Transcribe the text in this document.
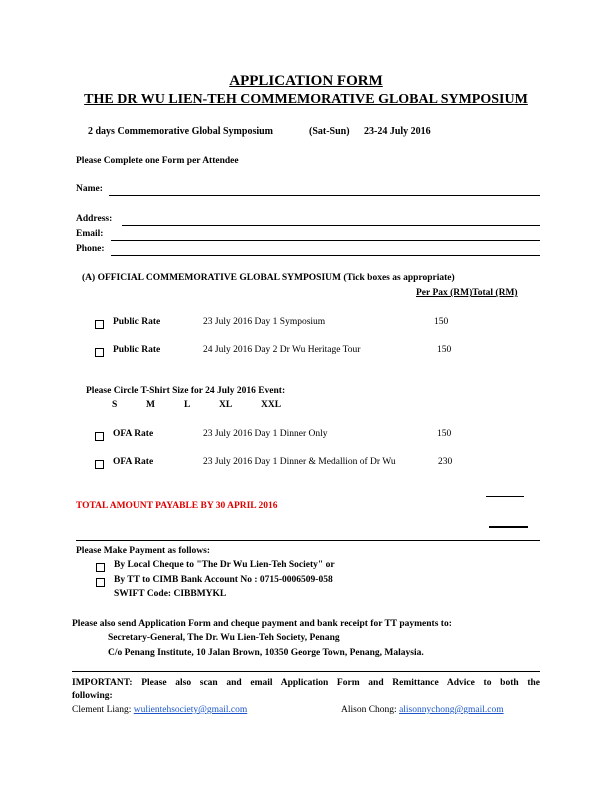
APPLICATION FORM
THE DR WU LIEN-TEH COMMEMORATIVE GLOBAL SYMPOSIUM
2 days Commemorative Global Symposium	(Sat-Sun) 23-24 July 2016
Please Complete one Form per Attendee
Name:
Address:
Email:
Phone:
(A) OFFICIAL COMMEMORATIVE GLOBAL SYMPOSIUM (Tick boxes as appropriate)
Per Pax (RM)Total (RM)
Public Rate	23 July 2016 Day 1 Symposium	150
Public Rate	24 July 2016 Day 2 Dr Wu Heritage Tour	150
Please Circle T-Shirt Size for 24 July 2016 Event:
S	M	L	XL	XXL
OFA Rate	23 July 2016 Day 1 Dinner Only	150
OFA Rate	23 July 2016 Day 1 Dinner & Medallion of Dr Wu	230
TOTAL AMOUNT PAYABLE BY 30 APRIL 2016
Please Make Payment as follows:
By Local Cheque to "The Dr Wu Lien-Teh Society" or
By TT to CIMB Bank Account No : 0715-0006509-058
SWIFT Code: CIBBMYKL
Please also send Application Form and cheque payment and bank receipt for TT payments to:
Secretary-General, The Dr. Wu Lien-Teh Society, Penang
C/o Penang Institute, 10 Jalan Brown, 10350 George Town, Penang, Malaysia.
IMPORTANT: Please also scan and email Application Form and Remittance Advice to both the
following:
Clement Liang: wulientehsociety@gmail.com	Alison Chong: alisonnychong@gmail.com
